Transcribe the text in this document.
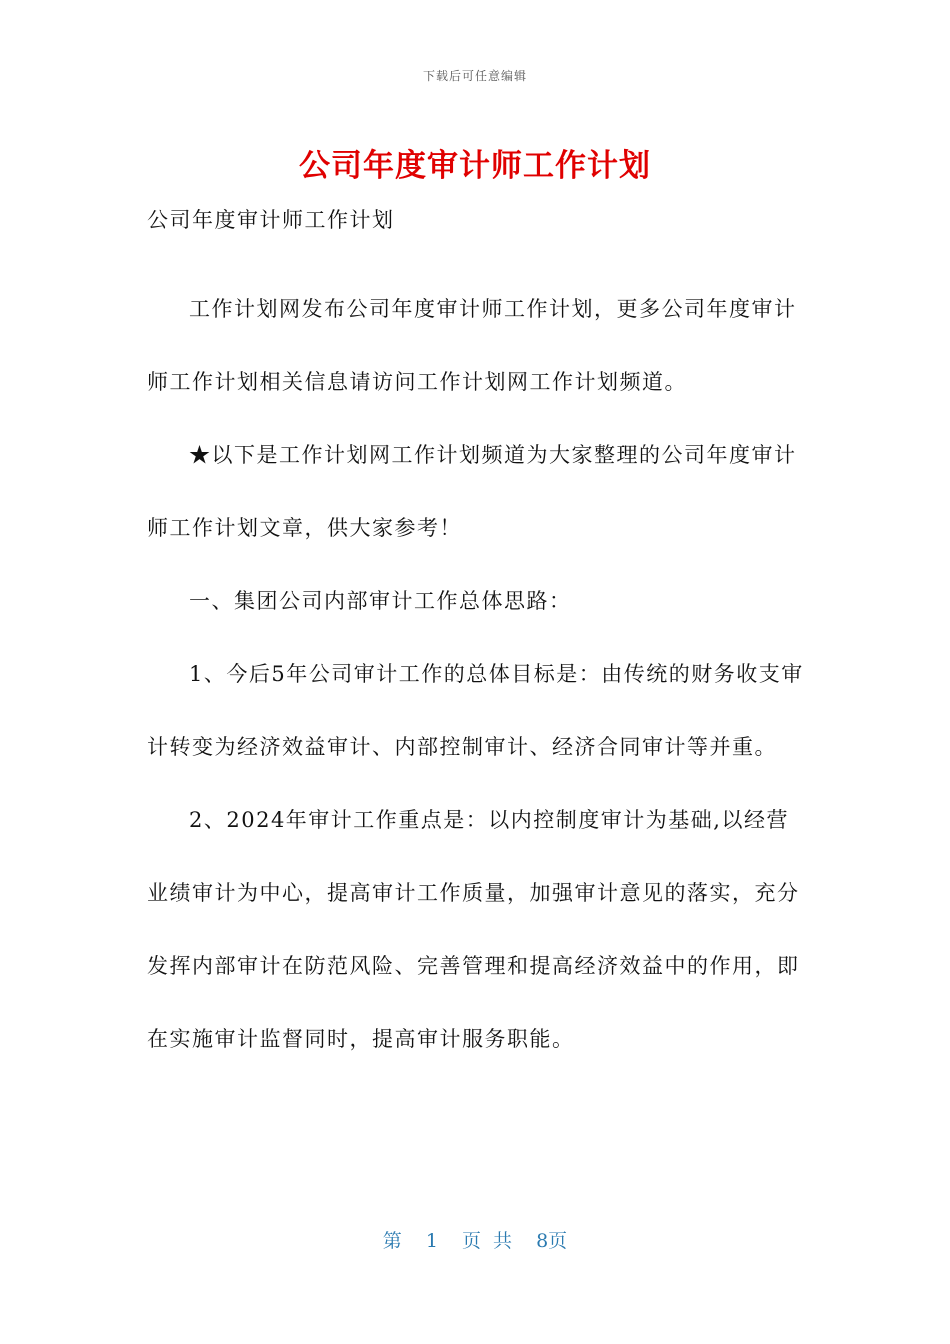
下载后可任意编辑
公司年度审计师工作计划

公司年度审计师工作计划

工作计划网发布公司年度审计师工作计划，更多公司年度审计师工作计划相关信息请访问工作计划网工作计划频道。

★以下是工作计划网工作计划频道为大家整理的公司年度审计师工作计划文章，供大家参考！

一、集团公司内部审计工作总体思路：

1、今后5年公司审计工作的总体目标是：由传统的财务收支审计转变为经济效益审计、内部控制审计、经济合同审计等并重。

2、2024年审计工作重点是：以内控制度审计为基础,以经营业绩审计为中心，提高审计工作质量，加强审计意见的落实，充分发挥内部审计在防范风险、完善管理和提高经济效益中的作用，即在实施审计监督同时，提高审计服务职能。

第 1 页 共 8页
